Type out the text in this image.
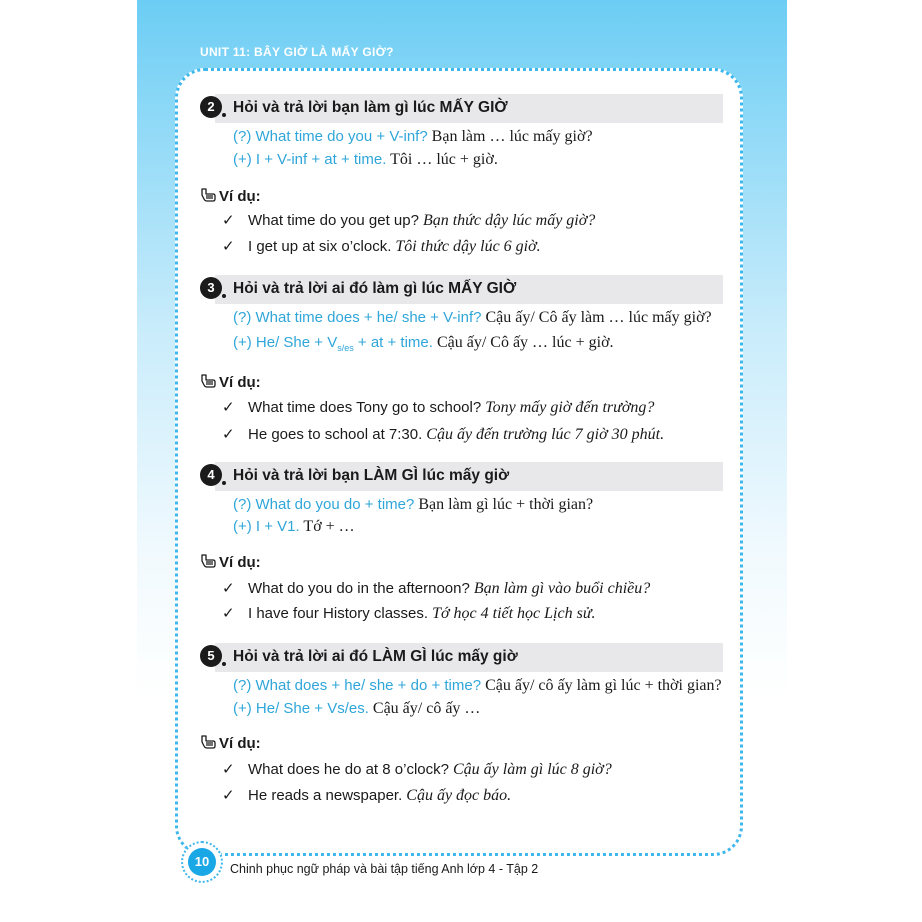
UNIT 11: BÂY GIỜ LÀ MẤY GIỜ?
2	Hỏi và trả lời bạn làm gì lúc MẤY GIỜ
(?) What time do you + V-inf? Bạn làm … lúc mấy giờ?
(+) I + V-inf + at + time. Tôi … lúc + giờ.
Ví dụ:
✓ What time do you get up? Bạn thức dậy lúc mấy giờ?
✓ I get up at six o’clock. Tôi thức dậy lúc 6 giờ.
3	Hỏi và trả lời ai đó làm gì lúc MẤY GIỜ
(?) What time does + he/ she + V-inf? Cậu ấy/ Cô ấy làm … lúc mấy giờ?
(+) He/ She + $V_{s/es}$ + at + time. Cậu ấy/ Cô ấy … lúc + giờ.
Ví dụ:
✓ What time does Tony go to school? Tony mấy giờ đến trường?
✓ He goes to school at 7:30. Cậu ấy đến trường lúc 7 giờ 30 phút.
4	Hỏi và trả lời bạn LÀM GÌ lúc mấy giờ
(?) What do you do + time? Bạn làm gì lúc + thời gian?
(+) I + V1. Tớ + …
Ví dụ:
✓ What do you do in the afternoon? Bạn làm gì vào buổi chiều?
✓ I have four History classes. Tớ học 4 tiết học Lịch sử.
5	Hỏi và trả lời ai đó LÀM GÌ lúc mấy giờ
(?) What does + he/ she + do + time? Cậu ấy/ cô ấy làm gì lúc + thời gian?
(+) He/ She + Vs/es. Cậu ấy/ cô ấy …
Ví dụ:
✓ What does he do at 8 o’clock? Cậu ấy làm gì lúc 8 giờ?
✓ He reads a newspaper. Cậu ấy đọc báo.
10	Chinh phục ngữ pháp và bài tập tiếng Anh lớp 4 - Tập 2
